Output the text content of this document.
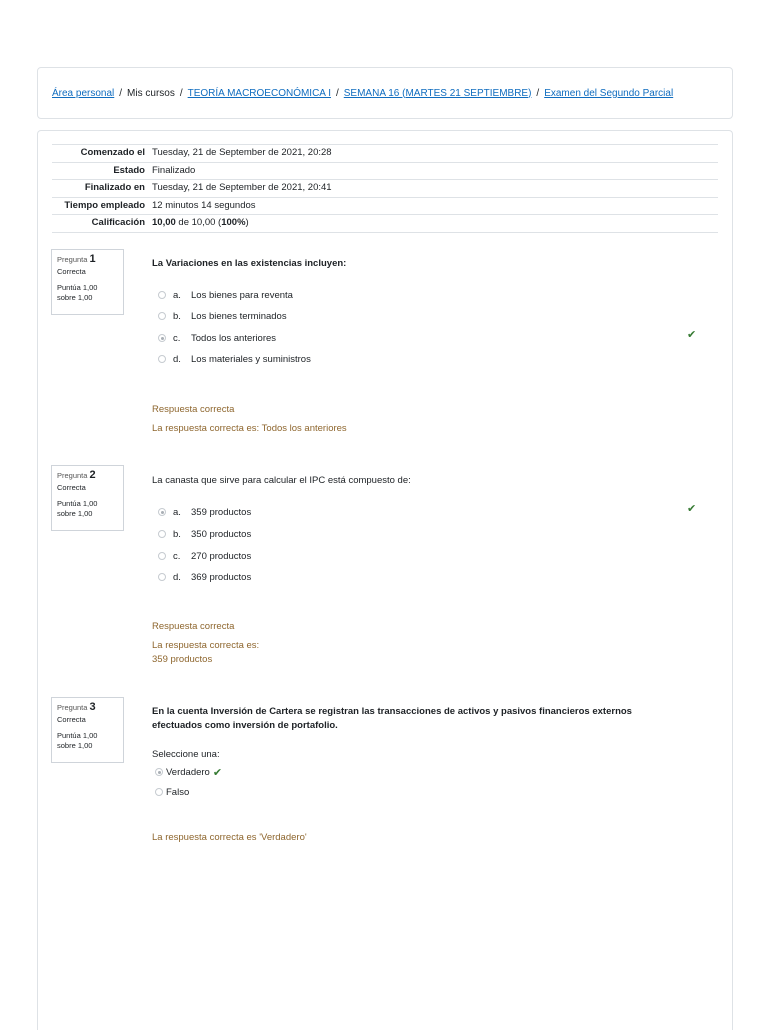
Área personal / Mis cursos / TEORÍA MACROECONÓMICA I / SEMANA 16 (MARTES 21 SEPTIEMBRE) / Examen del Segundo Parcial
Comenzado el	Tuesday, 21 de September de 2021, 20:28
Estado	Finalizado
Finalizado en	Tuesday, 21 de September de 2021, 20:41
Tiempo empleado	12 minutos 14 segundos
Calificación	10,00 de 10,00 (100%)
Pregunta 1
Correcta
Puntúa 1,00 sobre 1,00
La Variaciones en las existencias incluyen:
a.	Los bienes para reventa
b.	Los bienes terminados
c.	Todos los anteriores
d.	Los materiales y suministros
✔
Respuesta correcta
La respuesta correcta es: Todos los anteriores
Pregunta 2
Correcta
Puntúa 1,00 sobre 1,00
La canasta que sirve para calcular el IPC está compuesto de:
a.	359 productos
b.	350 productos
c.	270 productos
d.	369 productos
✔
Respuesta correcta
La respuesta correcta es:
359 productos
Pregunta 3
Correcta
Puntúa 1,00 sobre 1,00
En la cuenta Inversión de Cartera se registran las transacciones de activos y pasivos financieros externos
efectuados como inversión de portafolio.
Seleccione una:
Verdadero ✔
Falso
La respuesta correcta es 'Verdadero'
